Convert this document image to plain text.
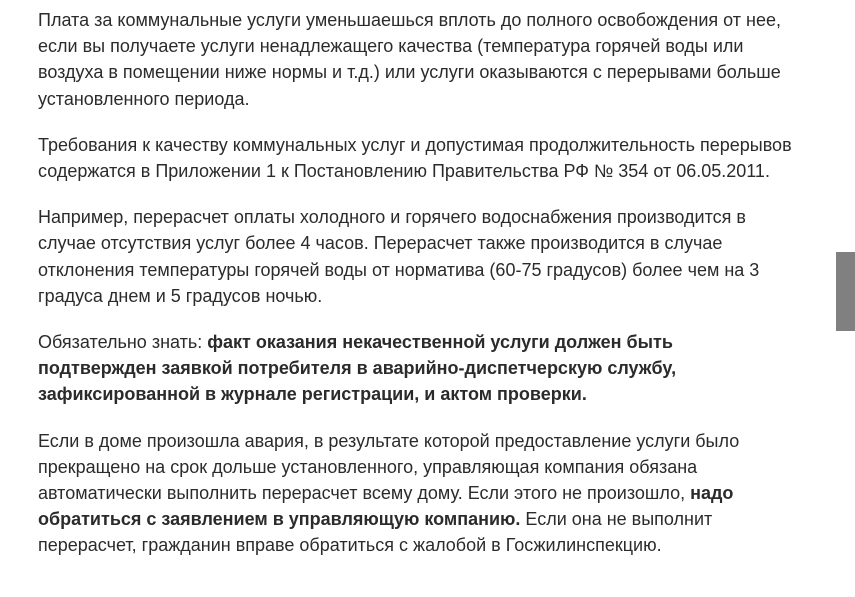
Плата за коммунальные услуги уменьшаешься вплоть до полного освобождения от нее,
если вы получаете услуги ненадлежащего качества (температура горячей воды или
воздуха в помещении ниже нормы и т.д.) или услуги оказываются с перерывами больше
установленного периода.

Требования к качеству коммунальных услуг и допустимая продолжительность перерывов
содержатся в Приложении 1 к Постановлению Правительства РФ № 354 от 06.05.2011.

Например, перерасчет оплаты холодного и горячего водоснабжения производится в
случае отсутствия услуг более 4 часов. Перерасчет также производится в случае
отклонения температуры горячей воды от норматива (60-75 градусов) более чем на 3
градуса днем и 5 градусов ночью.

Обязательно знать: факт оказания некачественной услуги должен быть
подтвержден заявкой потребителя в аварийно-диспетчерскую службу,
зафиксированной в журнале регистрации, и актом проверки.

Если в доме произошла авария, в результате которой предоставление услуги было
прекращено на срок дольше установленного, управляющая компания обязана
автоматически выполнить перерасчет всему дому. Если этого не произошло, надо
обратиться с заявлением в управляющую компанию. Если она не выполнит
перерасчет, гражданин вправе обратиться с жалобой в Госжилинспекцию.
